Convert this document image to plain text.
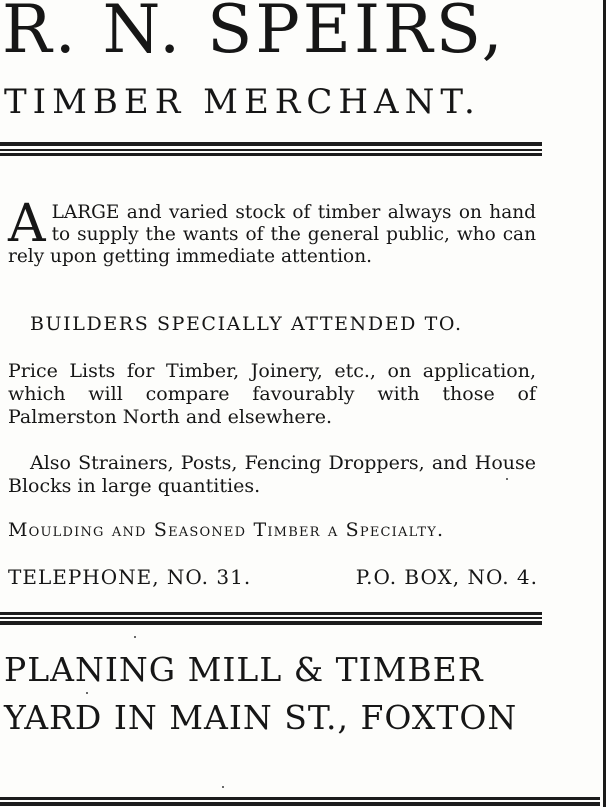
R. N. SPEIRS,
TIMBER MERCHANT.
A LARGE and varied stock of timber always on hand to supply the wants of the general public, who can rely upon getting immediate attention.
BUILDERS SPECIALLY ATTENDED TO.
Price Lists for Timber, Joinery, etc., on application, which will compare favourably with those of Palmerston North and elsewhere.
Also Strainers, Posts, Fencing Droppers, and House Blocks in large quantities.
Moulding and Seasoned Timber a Specialty.
TELEPHONE, NO. 31.	P.O. BOX, NO. 4.
PLANING MILL & TIMBER
YARD IN MAIN ST., FOXTON
